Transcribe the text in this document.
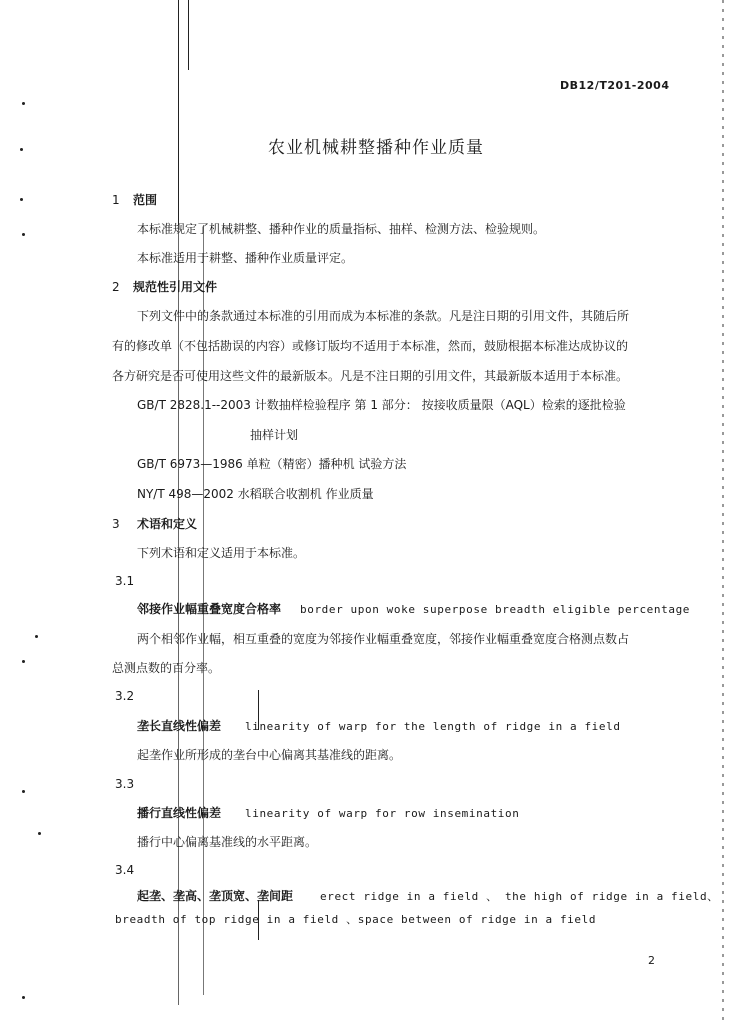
DB12/T201-2004
农业机械耕整播种作业质量
1 范围
本标准规定了机械耕整、播种作业的质量指标、抽样、检测方法、检验规则。
本标准适用于耕整、播种作业质量评定。
2 规范性引用文件
下列文件中的条款通过本标准的引用而成为本标准的条款。凡是注日期的引用文件，其随后所
有的修改单（不包括勘误的内容）或修订版均不适用于本标准，然而，鼓励根据本标准达成协议的
各方研究是否可使用这些文件的最新版本。凡是不注日期的引用文件，其最新版本适用于本标准。
GB/T 2828.1--2003 计数抽样检验程序 第 1 部分： 按接收质量限（AQL）检索的逐批检验
抽样计划
GB/T 6973—1986 单粒（精密）播种机 试验方法
NY/T 498—2002 水稻联合收割机 作业质量
3 术语和定义
下列术语和定义适用于本标准。
3.1
邻接作业幅重叠宽度合格率 border upon woke superpose breadth eligible percentage
两个相邻作业幅，相互重叠的宽度为邻接作业幅重叠宽度，邻接作业幅重叠宽度合格测点数占
总测点数的百分率。
3.2
垄长直线性偏差 linearity of warp for the length of ridge in a field
起垄作业所形成的垄台中心偏离其基准线的距离。
3.3
播行直线性偏差 linearity of warp for row insemination
播行中心偏离基准线的水平距离。
3.4
起垄、垄高、垄顶宽、垄间距 erect ridge in a field 、 the high of ridge in a field、
breadth of top ridge in a field 、space between of ridge in a field
2
